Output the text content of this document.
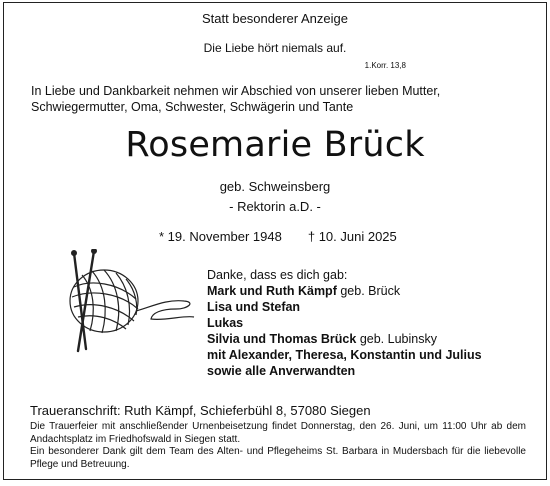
Statt besonderer Anzeige
Die Liebe hört niemals auf.
1.Korr. 13,8
In Liebe und Dankbarkeit nehmen wir Abschied von unserer lieben Mutter, Schwiegermutter, Oma, Schwester, Schwägerin und Tante
Rosemarie Brück
geb. Schweinsberg
- Rektorin a.D. -
* 19. November 1948 † 10. Juni 2025
Danke, dass es dich gab:
Mark und Ruth Kämpf geb. Brück
Lisa und Stefan
Lukas
Silvia und Thomas Brück geb. Lubinsky
mit Alexander, Theresa, Konstantin und Julius
sowie alle Anverwandten
Traueranschrift: Ruth Kämpf, Schieferbühl 8, 57080 Siegen
Die Trauerfeier mit anschließender Urnenbeisetzung findet Donnerstag, den 26. Juni, um 11:00 Uhr ab dem Andachtsplatz im Friedhofswald in Siegen statt.
Ein besonderer Dank gilt dem Team des Alten- und Pflegeheims St. Barbara in Mudersbach für die liebevolle Pflege und Betreuung.
